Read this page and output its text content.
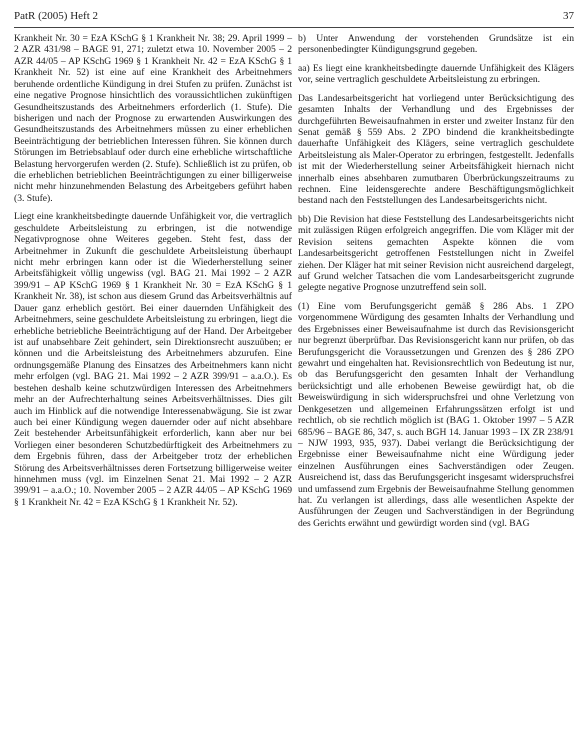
PatR (2005) Heft 2	37

Krankheit Nr. 30 = EzA KSchG § 1 Krankheit Nr. 38; 29. April 1999 – 2 AZR 431/98 – BAGE 91, 271; zuletzt etwa 10. November 2005 – 2 AZR 44/05 – AP KSchG 1969 § 1 Krankheit Nr. 42 = EzA KSchG § 1 Krankheit Nr. 52) ist eine auf eine Krankheit des Arbeitnehmers beruhende ordentliche Kündigung in drei Stufen zu prüfen. Zunächst ist eine negative Prognose hinsichtlich des voraussichtlichen zukünftigen Gesundheitszustands des Arbeitnehmers erforderlich (1. Stufe). Die bisherigen und nach der Prognose zu erwartenden Auswirkungen des Gesundheitszustands des Arbeitnehmers müssen zu einer erheblichen Beeinträchtigung der betrieblichen Interessen führen. Sie können durch Störungen im Betriebsablauf oder durch eine erhebliche wirtschaftliche Belastung hervorgerufen werden (2. Stufe). Schließlich ist zu prüfen, ob die erheblichen betrieblichen Beeinträchtigungen zu einer billigerweise nicht mehr hinzunehmenden Belastung des Arbeitgebers geführt haben (3. Stufe).

Liegt eine krankheitsbedingte dauernde Unfähigkeit vor, die vertraglich geschuldete Arbeitsleistung zu erbringen, ist die notwendige Negativprognose ohne Weiteres gegeben. Steht fest, dass der Arbeitnehmer in Zukunft die geschuldete Arbeitsleistung überhaupt nicht mehr erbringen kann oder ist die Wiederherstellung seiner Arbeitsfähigkeit völlig ungewiss (vgl. BAG 21. Mai 1992 – 2 AZR 399/91 – AP KSchG 1969 § 1 Krankheit Nr. 30 = EzA KSchG § 1 Krankheit Nr. 38), ist schon aus diesem Grund das Arbeitsverhältnis auf Dauer ganz erheblich gestört. Bei einer dauernden Unfähigkeit des Arbeitnehmers, seine geschuldete Arbeitsleistung zu erbringen, liegt die erhebliche betriebliche Beeinträchtigung auf der Hand. Der Arbeitgeber ist auf unabsehbare Zeit gehindert, sein Direktionsrecht auszuüben; er können und die Arbeitsleistung des Arbeitnehmers abzurufen. Eine ordnungsgemäße Planung des Einsatzes des Arbeitnehmers kann nicht mehr erfolgen (vgl. BAG 21. Mai 1992 – 2 AZR 399/91 – a.a.O.). Es bestehen deshalb keine schutzwürdigen Interessen des Arbeitnehmers mehr an der Aufrechterhaltung seines Arbeitsverhältnisses. Dies gilt auch im Hinblick auf die notwendige Interessenabwägung. Sie ist zwar auch bei einer Kündigung wegen dauernder oder auf nicht absehbare Zeit bestehender Arbeitsunfähigkeit erforderlich, kann aber nur bei Vorliegen einer besonderen Schutzbedürftigkeit des Arbeitnehmers zu dem Ergebnis führen, dass der Arbeitgeber trotz der erheblichen Störung des Arbeitsverhältnisses deren Fortsetzung billigerweise weiter hinnehmen muss (vgl. im Einzelnen Senat 21. Mai 1992 – 2 AZR 399/91 – a.a.O.; 10. November 2005 – 2 AZR 44/05 – AP KSchG 1969 § 1 Krankheit Nr. 42 = EzA KSchG § 1 Krankheit Nr. 52).

b) Unter Anwendung der vorstehenden Grundsätze ist ein personenbedingter Kündigungsgrund gegeben.

aa) Es liegt eine krankheitsbedingte dauernde Unfähigkeit des Klägers vor, seine vertraglich geschuldete Arbeitsleistung zu erbringen.

Das Landesarbeitsgericht hat vorliegend unter Berücksichtigung des gesamten Inhalts der Verhandlung und des Ergebnisses der durchgeführten Beweisaufnahmen in erster und zweiter Instanz für den Senat gemäß § 559 Abs. 2 ZPO bindend die krankheitsbedingte dauerhafte Unfähigkeit des Klägers, seine vertraglich geschuldete Arbeitsleistung als Maler-Operator zu erbringen, festgestellt. Jedenfalls ist mit der Wiederherstellung seiner Arbeitsfähigkeit hiernach nicht innerhalb eines absehbaren zumutbaren Überbrückungszeitraums zu rechnen. Eine leidensgerechte andere Beschäftigungsmöglichkeit bestand nach den Feststellungen des Landesarbeitsgerichts nicht.

bb) Die Revision hat diese Feststellung des Landesarbeitsgerichts nicht mit zulässigen Rügen erfolgreich angegriffen. Die vom Kläger mit der Revision seitens gemachten Aspekte können die vom Landesarbeitsgericht getroffenen Feststellungen nicht in Zweifel ziehen. Der Kläger hat mit seiner Revision nicht ausreichend dargelegt, auf Grund welcher Tatsachen die vom Landesarbeitsgericht zugrunde gelegte negative Prognose unzutreffend sein soll.

(1) Eine vom Berufungsgericht gemäß § 286 Abs. 1 ZPO vorgenommene Würdigung des gesamten Inhalts der Verhandlung und des Ergebnisses einer Beweisaufnahme ist durch das Revisionsgericht nur begrenzt überprüfbar. Das Revisionsgericht kann nur prüfen, ob das Berufungsgericht die Voraussetzungen und Grenzen des § 286 ZPO gewahrt und eingehalten hat. Revisionsrechtlich von Bedeutung ist nur, ob das Berufungsgericht den gesamten Inhalt der Verhandlung berücksichtigt und alle erhobenen Beweise gewürdigt hat, ob die Beweiswürdigung in sich widerspruchsfrei und ohne Verletzung von Denkgesetzen und allgemeinen Erfahrungssätzen erfolgt ist und rechtlich, ob sie rechtlich möglich ist (BAG 1. Oktober 1997 – 5 AZR 685/96 – BAGE 86, 347, s. auch BGH 14. Januar 1993 – IX ZR 238/91 – NJW 1993, 935, 937). Dabei verlangt die Berücksichtigung der Ergebnisse einer Beweisaufnahme nicht eine Würdigung jeder einzelnen Ausführungen eines Sachverständigen oder Zeugen. Ausreichend ist, dass das Berufungsgericht insgesamt widerspruchsfrei und umfassend zum Ergebnis der Beweisaufnahme Stellung genommen hat. Zu verlangen ist allerdings, dass alle wesentlichen Aspekte der Ausführungen der Zeugen und Sachverständigen in der Begründung des Gerichts erwähnt und gewürdigt worden sind (vgl. BAG
